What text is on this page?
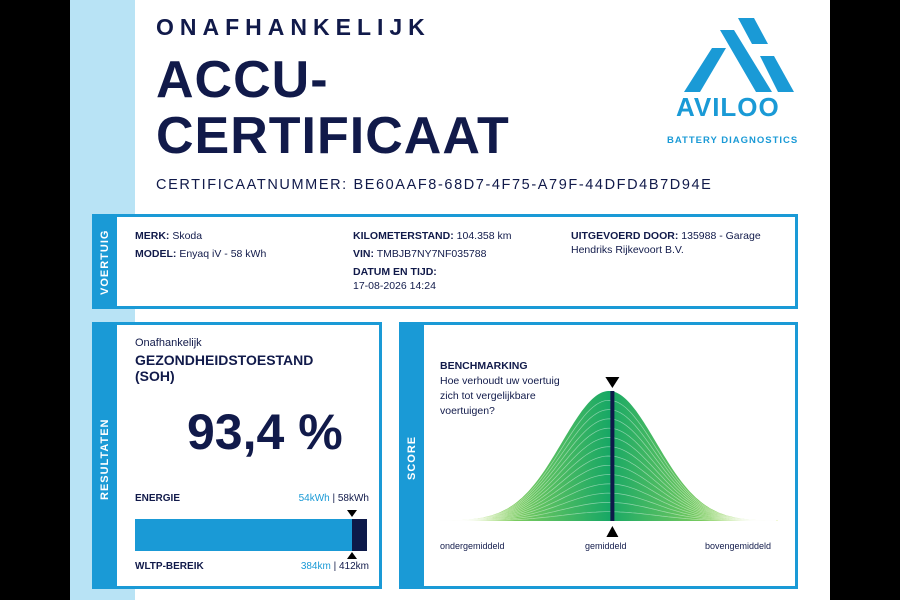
ONAFHANKELIJK
ACCU-
CERTIFICAAT
CERTIFICAATNUMMER: BE60AAF8-68D7-4F75-A79F-44DFD4B7D94E
AVILOO
BATTERY DIAGNOSTICS
VOERTUIG MERK: Skoda
MODEL: Enyaq iV - 58 kWh
KILOMETERSTAND: 104.358 km
VIN: TMBJB7NY7NF035788
DATUM EN TIJD:
17-08-2026 14:24
UITGEVOERD DOOR: 135988 - Garage
Hendriks Rijkevoort B.V.
RESULTATEN
Onafhankelijk
GEZONDHEIDSTOESTAND
(SOH)
93,4 %
ENERGIE	54kWh | 58kWh
WLTP-BEREIK	384km | 412km
SCORE
BENCHMARKING
Hoe verhoudt uw voertuig zich tot vergelijkbare voertuigen?
ondergemiddeld	gemiddeld	bovengemiddeld
